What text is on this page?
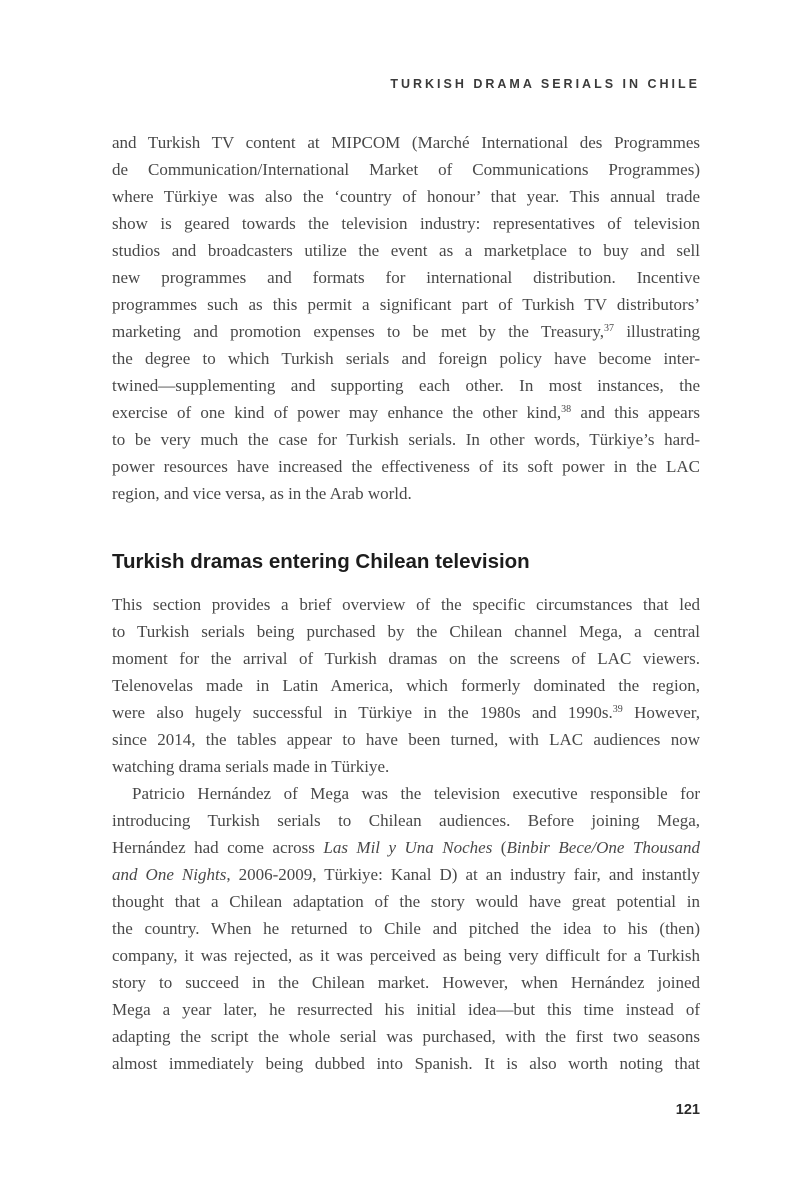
TURKISH DRAMA SERIALS IN CHILE
and Turkish TV content at MIPCOM (Marché International des Programmes
de Communication/International Market of Communications Programmes)
where Türkiye was also the ‘country of honour’ that year. This annual trade
show is geared towards the television industry: representatives of television
studios and broadcasters utilize the event as a marketplace to buy and sell
new programmes and formats for international distribution. Incentive
programmes such as this permit a significant part of Turkish TV distributors’
marketing and promotion expenses to be met by the Treasury,$^{37}$ illustrating
the degree to which Turkish serials and foreign policy have become inter-
twined—supplementing and supporting each other. In most instances, the
exercise of one kind of power may enhance the other kind,$^{38}$ and this appears
to be very much the case for Turkish serials. In other words, Türkiye’s hard-
power resources have increased the effectiveness of its soft power in the LAC
region, and vice versa, as in the Arab world.
Turkish dramas entering Chilean television
This section provides a brief overview of the specific circumstances that led
to Turkish serials being purchased by the Chilean channel Mega, a central
moment for the arrival of Turkish dramas on the screens of LAC viewers.
Telenovelas made in Latin America, which formerly dominated the region,
were also hugely successful in Türkiye in the 1980s and 1990s.$^{39}$ However,
since 2014, the tables appear to have been turned, with LAC audiences now
watching drama serials made in Türkiye.
Patricio Hernández of Mega was the television executive responsible for
introducing Turkish serials to Chilean audiences. Before joining Mega,
Hernández had come across Las Mil y Una Noches (Binbir Bece/One Thousand
and One Nights, 2006-2009, Türkiye: Kanal D) at an industry fair, and instantly
thought that a Chilean adaptation of the story would have great potential in
the country. When he returned to Chile and pitched the idea to his (then)
company, it was rejected, as it was perceived as being very difficult for a Turkish
story to succeed in the Chilean market. However, when Hernández joined
Mega a year later, he resurrected his initial idea—but this time instead of
adapting the script the whole serial was purchased, with the first two seasons
almost immediately being dubbed into Spanish. It is also worth noting that
121
